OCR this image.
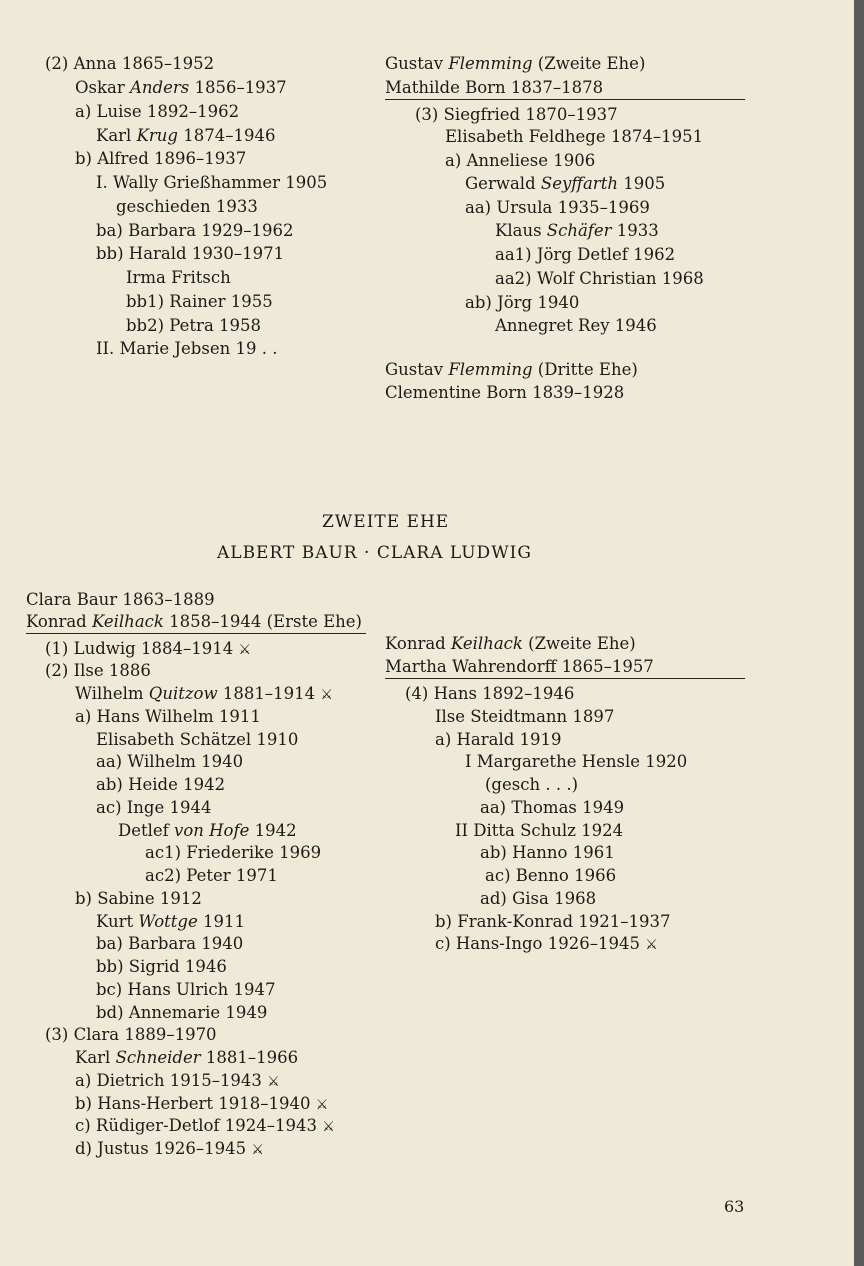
(2) Anna 1865–1952
Oskar Anders 1856–1937
a) Luise 1892–1962
Karl Krug 1874–1946
b) Alfred 1896–1937
I. Wally Grießhammer 1905
geschieden 1933
ba) Barbara 1929–1962
bb) Harald 1930–1971
Irma Fritsch
bb1) Rainer 1955
bb2) Petra 1958
II. Marie Jebsen 19 . .
Gustav Flemming (Zweite Ehe)
Mathilde Born 1837–1878
(3) Siegfried 1870–1937
Elisabeth Feldhege 1874–1951
a) Anneliese 1906
Gerwald Seyffarth 1905
aa) Ursula 1935–1969
Klaus Schäfer 1933
aa1) Jörg Detlef 1962
aa2) Wolf Christian 1968
ab) Jörg 1940
Annegret Rey 1946
Gustav Flemming (Dritte Ehe)
Clementine Born 1839–1928
ZWEITE EHE
ALBERT BAUR · CLARA LUDWIG
Clara Baur 1863–1889
Konrad Keilhack 1858–1944 (Erste Ehe)
(1) Ludwig 1884–1914 ⚔
(2) Ilse 1886
Wilhelm Quitzow 1881–1914 ⚔
a) Hans Wilhelm 1911
Elisabeth Schätzel 1910
aa) Wilhelm 1940
ab) Heide 1942
ac) Inge 1944
Detlef von Hofe 1942
ac1) Friederike 1969
ac2) Peter 1971
b) Sabine 1912
Kurt Wottge 1911
ba) Barbara 1940
bb) Sigrid 1946
bc) Hans Ulrich 1947
bd) Annemarie 1949
(3) Clara 1889–1970
Karl Schneider 1881–1966
a) Dietrich 1915–1943 ⚔
b) Hans-Herbert 1918–1940 ⚔
c) Rüdiger-Detlof 1924–1943 ⚔
d) Justus 1926–1945 ⚔
Konrad Keilhack (Zweite Ehe)
Martha Wahrendorff 1865–1957
(4) Hans 1892–1946
Ilse Steidtmann 1897
a) Harald 1919
I Margarethe Hensle 1920
(gesch . . .)
aa) Thomas 1949
II Ditta Schulz 1924
ab) Hanno 1961
ac) Benno 1966
ad) Gisa 1968
b) Frank-Konrad 1921–1937
c) Hans-Ingo 1926–1945 ⚔
63
